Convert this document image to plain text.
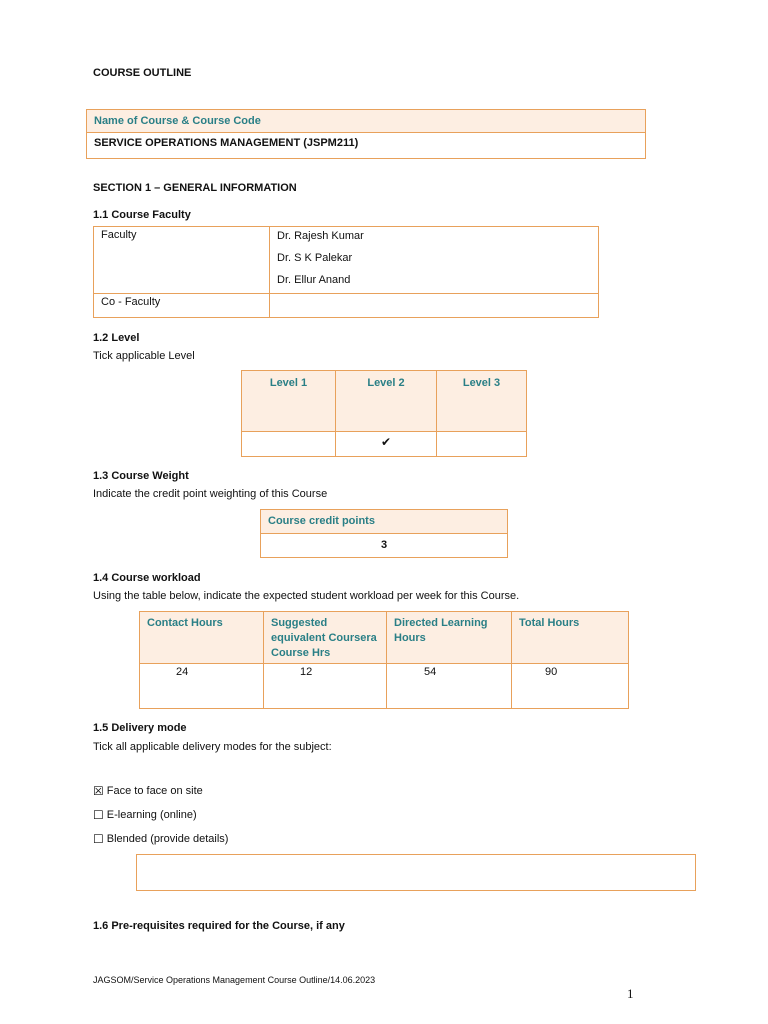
COURSE OUTLINE
Name of Course & Course Code
SERVICE OPERATIONS MANAGEMENT (JSPM211)
SECTION 1 – GENERAL INFORMATION
1.1 Course Faculty
Faculty	Dr. Rajesh Kumar
Dr. S K Palekar
Dr. Ellur Anand

Co - Faculty	
1.2 Level
Tick applicable Level
Level 1	Level 2	Level 3
	✔	
1.3 Course Weight
Indicate the credit point weighting of this Course
Course credit points
3
1.4 Course workload
Using the table below, indicate the expected student workload per week for this Course.
Contact Hours	Suggested equivalent Coursera Course Hrs	Directed Learning Hours	Total Hours
24	12	54	90
1.5 Delivery mode
Tick all applicable delivery modes for the subject:
☒ Face to face on site
☐ E-learning (online)
☐ Blended (provide details)
1.6 Pre-requisites required for the Course, if any
JAGSOM/Service Operations Management Course Outline/14.06.2023
1
